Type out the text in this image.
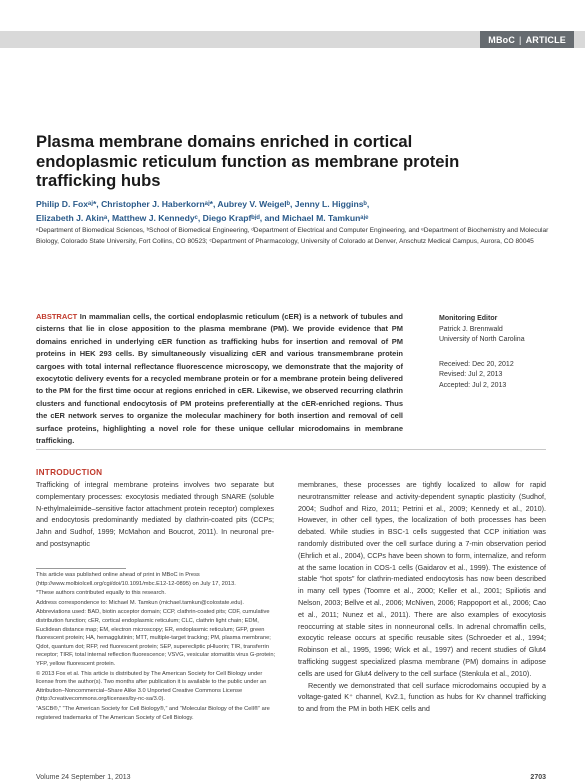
MBoC | ARTICLE
Plasma membrane domains enriched in cortical endoplasmic reticulum function as membrane protein trafficking hubs

Philip D. Foxᵃʲ*, Christopher J. Haberkornᵃʲ*, Aubrey V. Weigelᵇ, Jenny L. Higginsᵇ,

Elizabeth J. Akinᵃ, Matthew J. Kennedyᶜ, Diego Krapfᵇʲᵈ, and Michael M. Tamkunᵃʲᵉ

ᵃDepartment of Biomedical Sciences, ᵇSchool of Biomedical Engineering, ᵈDepartment of Electrical and Computer Engineering, and ᵉDepartment of Biochemistry and Molecular Biology, Colorado State University, Fort Collins, CO 80523; ᶜDepartment of Pharmacology, University of Colorado at Denver, Anschutz Medical Campus, Aurora, CO 80045

ABSTRACT In mammalian cells, the cortical endoplasmic reticulum (cER) is a network of tubules and cisterns that lie in close apposition to the plasma membrane (PM). We provide evidence that PM domains enriched in underlying cER function as trafficking hubs for insertion and removal of PM proteins in HEK 293 cells. By simultaneously visualizing cER and various transmembrane protein cargoes with total internal reflectance fluorescence microscopy, we demonstrate that the majority of exocytotic delivery events for a recycled membrane protein or for a membrane protein being delivered to the PM for the first time occur at regions enriched in cER. Likewise, we observed recurring clathrin clusters and functional endocytosis of PM proteins preferentially at the cER-enriched regions. Thus the cER network serves to organize the molecular machinery for both insertion and removal of cell surface proteins, highlighting a novel role for these unique cellular microdomains in membrane trafficking.

Monitoring Editor
Patrick J. Brennwald
University of North Carolina
Received: Dec 20, 2012
Revised: Jul 2, 2013
Accepted: Jul 2, 2013
INTRODUCTION

Trafficking of integral membrane proteins involves two separate but complementary processes: exocytosis mediated through SNARE (soluble N-ethylmaleimide–sensitive factor attachment protein receptor) complexes and endocytosis predominantly mediated by clathrin-coated pits (CCPs; Jahn and Sudhof, 1999; McMahon and Boucrot, 2011). In neuronal pre- and postsynaptic

membranes, these processes are tightly localized to allow for rapid neurotransmitter release and activity-dependent synaptic plasticity (Sudhof, 2004; Sudhof and Rizo, 2011; Petrini et al., 2009; Kennedy et al., 2010). However, in other cell types, the localization of both processes has been debated. While studies in BSC-1 cells suggested that CCP initiation was randomly distributed over the cell surface during a 7-min observation period (Ehrlich et al., 2004), CCPs have been shown to form, internalize, and reform at the same location in COS-1 cells (Gaidarov et al., 1999). The existence of stable “hot spots” for clathrin-mediated endocytosis has now been described in many cell types (Toomre et al., 2000; Keller et al., 2001; Spiliotis and Nelson, 2003; Bellve et al., 2006; McNiven, 2006; Rappoport et al., 2006; Cao et al., 2011; Nunez et al., 2011). There are also examples of exocytosis reoccurring at stable sites in nonneuronal cells. In adrenal chromaffin cells, exocytic release occurs at specific reusable sites (Schroeder et al., 1994; Robinson et al., 1995, 1996; Wick et al., 1997) and recent studies of Glut4 trafficking suggest specialized plasma membrane (PM) domains in adipose cells are used for Glut4 delivery to the cell surface (Stenkula et al., 2010).

Recently we demonstrated that cell surface microdomains occupied by a voltage-gated K⁺ channel, Kv2.1, function as hubs for Kv channel trafficking to and from the PM in both HEK cells and

This article was published online ahead of print in MBoC in Press (http://www.molbiolcell.org/cgi/doi/10.1091/mbc.E12-12-0895) on July 17, 2013.

*These authors contributed equally to this research.

Address correspondence to: Michael M. Tamkun (michael.tamkun@colostate.edu).

Abbreviations used: BAD, biotin acceptor domain; CCP, clathrin-coated pits; CDF, cumulative distribution function; cER, cortical endoplasmic reticulum; CLC, clathrin light chain; EDM, Euclidean distance map; EM, electron microscopy; ER, endoplasmic reticulum; GFP, green fluorescent protein; HA, hemagglutinin; MTT, multiple-target tracking; PM, plasma membrane; Qdot, quantum dot; RFP, red fluorescent protein; SEP, superecliptic pHluorin; TIR, transferrin receptor; TIRF, total internal reflection fluorescence; VSVG, vesicular stomatitis virus G-protein; YFP, yellow fluorescent protein.

© 2013 Fox et al. This article is distributed by The American Society for Cell Biology under license from the author(s). Two months after publication it is available to the public under an Attribution–Noncommercial–Share Alike 3.0 Unported Creative Commons License (http://creativecommons.org/licenses/by-nc-sa/3.0).

“ASCB®,” “The American Society for Cell Biology®,” and “Molecular Biology of the Cell®” are registered trademarks of The American Society of Cell Biology.

Volume 24 September 1, 2013	2703
